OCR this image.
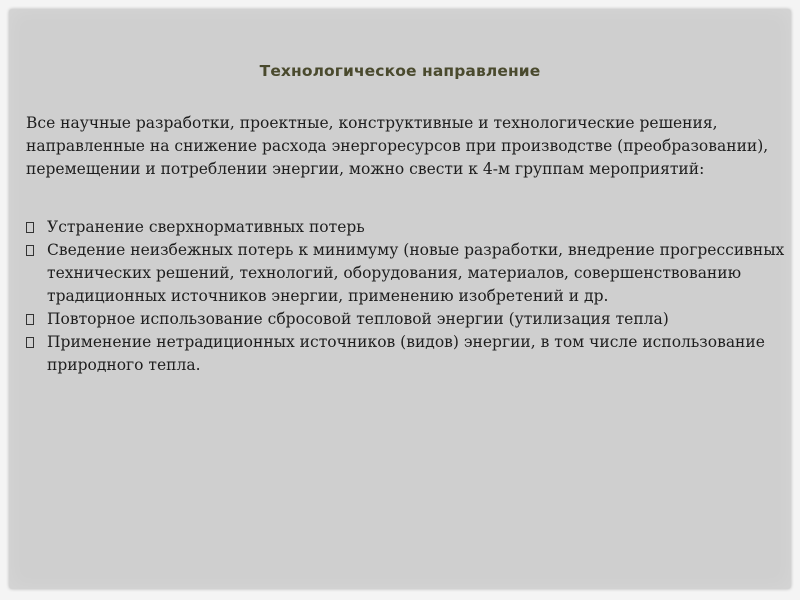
Технологическое направление

Все научные разработки, проектные, конструктивные и технологические решения, направленные на снижение расхода энергоресурсов при производстве (преобразовании), перемещении и потреблении энергии, можно свести к 4-м группам мероприятий:

Устранение сверхнормативных потерь
Сведение неизбежных потерь к минимуму (новые разработки, внедрение прогрессивных технических решений, технологий, оборудования, материалов, совершенствованию традиционных источников энергии, применению изобретений и др.
Повторное использование сбросовой тепловой энергии (утилизация тепла)
Применение нетрадиционных источников (видов) энергии, в том числе использование природного тепла.
